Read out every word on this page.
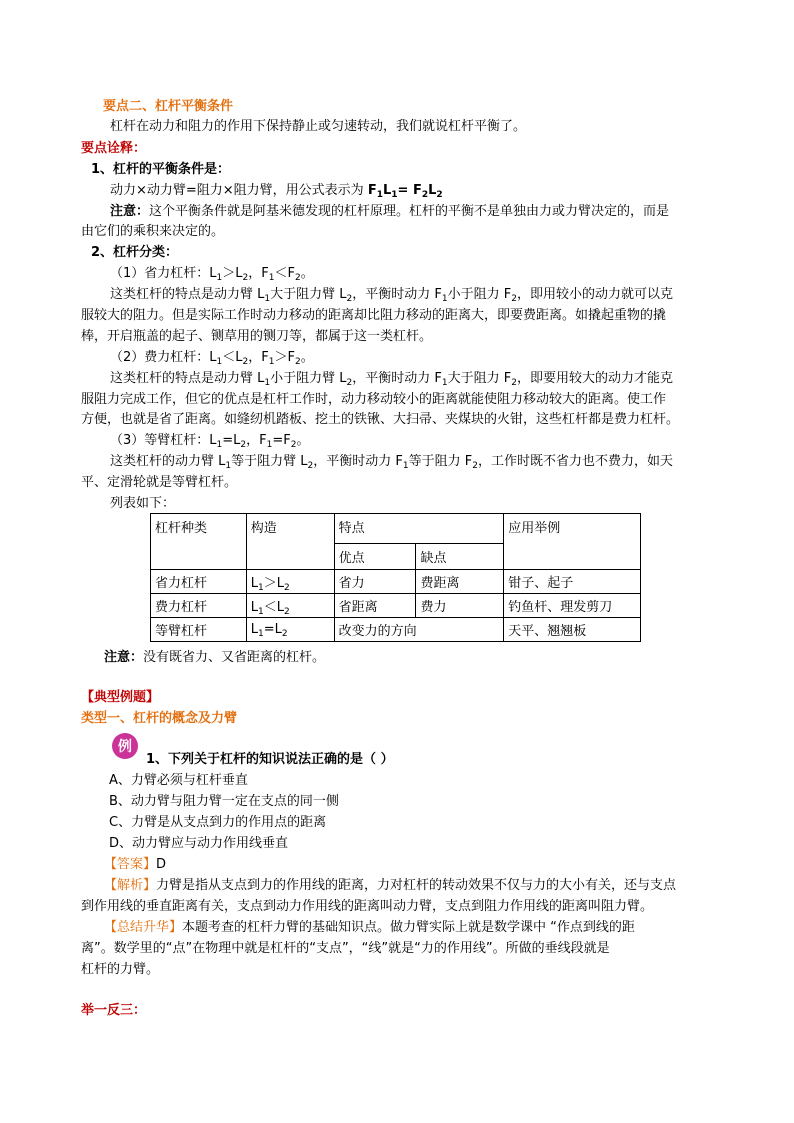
要点二、杠杆平衡条件
杠杆在动力和阻力的作用下保持静止或匀速转动，我们就说杠杆平衡了。
要点诠释：
1、杠杆的平衡条件是：
动力×动力臂=阻力×阻力臂，用公式表示为 $F_1L_1= F_2L_2$
注意：这个平衡条件就是阿基米德发现的杠杆原理。杠杆的平衡不是单独由力或力臂决定的，而是
由它们的乘积来决定的。
2、杠杆分类：
（1）省力杠杆：$L_1>L_2$，$F_1<F_2$。
这类杠杆的特点是动力臂 $L_1$大于阻力臂 $L_2$，平衡时动力 $F_1$小于阻力 $F_2$，即用较小的动力就可以克
服较大的阻力。但是实际工作时动力移动的距离却比阻力移动的距离大，即要费距离。如撬起重物的撬
棒，开启瓶盖的起子、铡草用的铡刀等，都属于这一类杠杆。
（2）费力杠杆：$L_1<L_2$，$F_1>F_2$。
这类杠杆的特点是动力臂 $L_1$小于阻力臂 $L_2$，平衡时动力 $F_1$大于阻力 $F_2$，即要用较大的动力才能克
服阻力完成工作，但它的优点是杠杆工作时，动力移动较小的距离就能使阻力移动较大的距离。使工作
方便，也就是省了距离。如缝纫机踏板、挖土的铁锹、大扫帚、夹煤块的火钳，这些杠杆都是费力杠杆。
（3）等臂杠杆：$L_1=L_2$，$F_1=F_2$。
这类杠杆的动力臂 $L_1$等于阻力臂 $L_2$，平衡时动力 $F_1$等于阻力 $F_2$，工作时既不省力也不费力，如天
平、定滑轮就是等臂杠杆。
列表如下：
杠杆种类	构造	特点		应用举例
		优点	缺点	
省力杠杆	$L_1>L_2$	省力	费距离	钳子、起子
费力杠杆	$L_1<L_2$	省距离	费力	钓鱼杆、理发剪刀
等臂杠杆	$L_1=L_2$	改变力的方向		天平、翘翘板
注意：没有既省力、又省距离的杠杆。
【典型例题】
类型一、杠杆的概念及力臂
例
1、下列关于杠杆的知识说法正确的是（ ）
A、力臂必须与杠杆垂直
B、动力臂与阻力臂一定在支点的同一侧
C、力臂是从支点到力的作用点的距离
D、动力臂应与动力作用线垂直
【答案】D
【解析】力臂是指从支点到力的作用线的距离，力对杠杆的转动效果不仅与力的大小有关，还与支点
到作用线的垂直距离有关，支点到动力作用线的距离叫动力臂，支点到阻力作用线的距离叫阻力臂。
【总结升华】本题考查的杠杆力臂的基础知识点。做力臂实际上就是数学课中 “作点到线的距
离”。数学里的“点”在物理中就是杠杆的“支点”，“线”就是“力的作用线”。所做的垂线段就是
杠杆的力臂。
举一反三：
